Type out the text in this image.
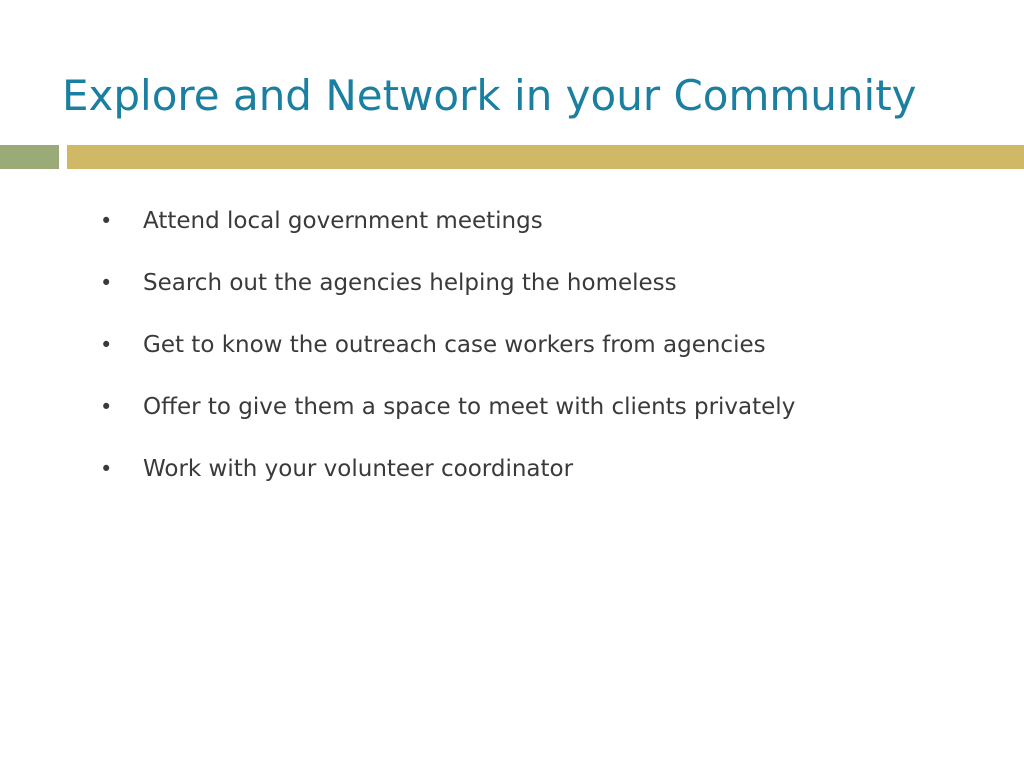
Explore and Network in your Community
• Attend local government meetings
• Search out the agencies helping the homeless
• Get to know the outreach case workers from agencies
• Offer to give them a space to meet with clients privately
• Work with your volunteer coordinator
